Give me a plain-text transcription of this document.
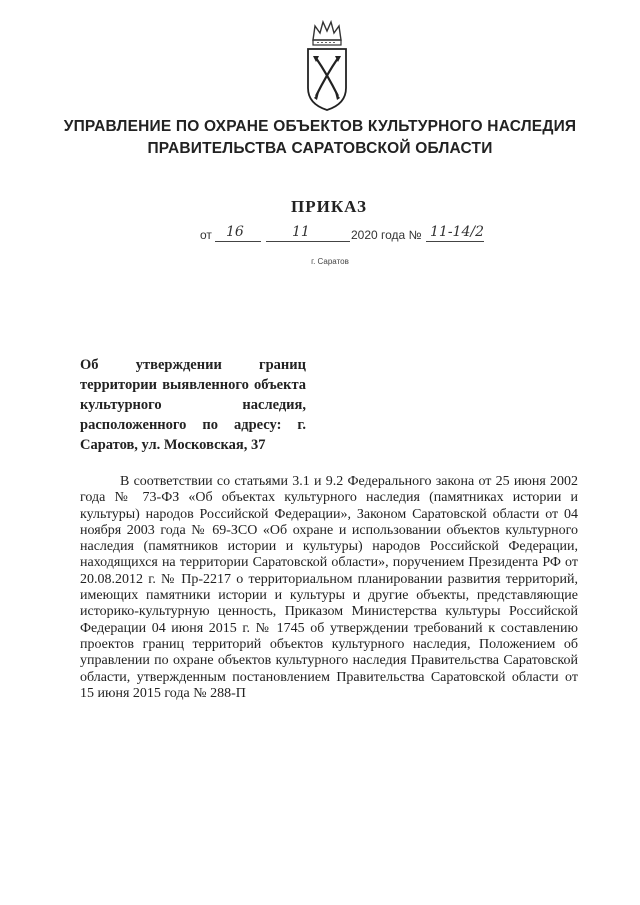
УПРАВЛЕНИЕ ПО ОХРАНЕ ОБЪЕКТОВ КУЛЬТУРНОГО НАСЛЕДИЯ
ПРАВИТЕЛЬСТВА САРАТОВСКОЙ ОБЛАСТИ
ПРИКАЗ
от 16	11	2020 года № 11-14/2
г. Саратов
Об утверждении границ территории выявленного объекта культурного наследия, расположенного по адресу: г. Саратов, ул. Московская, 37
В соответствии со статьями 3.1 и 9.2 Федерального закона от 25 июня 2002 года № 73-ФЗ «Об объектах культурного наследия (памятниках истории и культуры) народов Российской Федерации», Законом Саратовской области от 04 ноября 2003 года № 69-ЗСО «Об охране и использовании объектов культурного наследия (памятников истории и культуры) народов Российской Федерации, находящихся на территории Саратовской области», поручением Президента РФ от 20.08.2012 г. № Пр-2217 о территориальном планировании развития территорий, имеющих памятники истории и культуры и другие объекты, представляющие историко-культурную ценность, Приказом Министерства культуры Российской Федерации 04 июня 2015 г. № 1745 об утверждении требований к составлению проектов границ территорий объектов культурного наследия, Положением об управлении по охране объектов культурного наследия Правительства Саратовской области, утвержденным постановлением Правительства Саратовской области от 15 июня 2015 года № 288-П
